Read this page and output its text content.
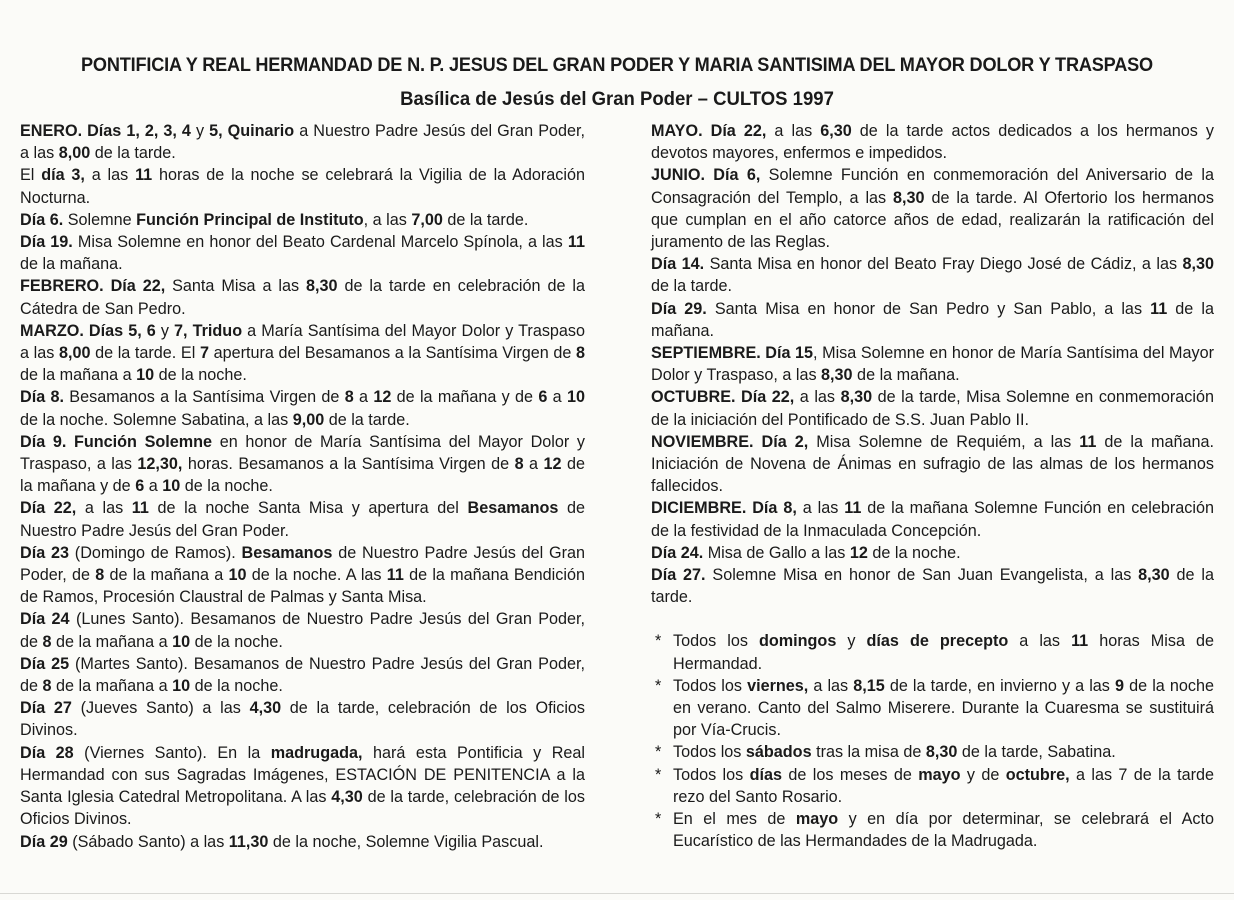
PONTIFICIA Y REAL HERMANDAD DE N. P. JESUS DEL GRAN PODER Y MARIA SANTISIMA DEL MAYOR DOLOR Y TRASPASO
Basílica de Jesús del Gran Poder – CULTOS 1997

ENERO. Días 1, 2, 3, 4 y 5, Quinario a Nuestro Padre Jesús del Gran Poder, a las 8,00 de la tarde.

El día 3, a las 11 horas de la noche se celebrará la Vigilia de la Adoración Nocturna.

Día 6. Solemne Función Principal de Instituto, a las 7,00 de la tarde.

Día 19. Misa Solemne en honor del Beato Cardenal Marcelo Spínola, a las 11 de la mañana.

FEBRERO. Día 22, Santa Misa a las 8,30 de la tarde en celebración de la Cátedra de San Pedro.

MARZO. Días 5, 6 y 7, Triduo a María Santísima del Mayor Dolor y Traspaso a las 8,00 de la tarde. El 7 apertura del Besamanos a la Santísima Virgen de 8 de la mañana a 10 de la noche.

Día 8. Besamanos a la Santísima Virgen de 8 a 12 de la mañana y de 6 a 10 de la noche. Solemne Sabatina, a las 9,00 de la tarde.

Día 9. Función Solemne en honor de María Santísima del Mayor Dolor y Traspaso, a las 12,30, horas. Besamanos a la Santísima Virgen de 8 a 12 de la mañana y de 6 a 10 de la noche.

Día 22, a las 11 de la noche Santa Misa y apertura del Besamanos de Nuestro Padre Jesús del Gran Poder.

Día 23 (Domingo de Ramos). Besamanos de Nuestro Padre Jesús del Gran Poder, de 8 de la mañana a 10 de la noche. A las 11 de la mañana Bendición de Ramos, Procesión Claustral de Palmas y Santa Misa.

Día 24 (Lunes Santo). Besamanos de Nuestro Padre Jesús del Gran Poder, de 8 de la mañana a 10 de la noche.

Día 25 (Martes Santo). Besamanos de Nuestro Padre Jesús del Gran Poder, de 8 de la mañana a 10 de la noche.

Día 27 (Jueves Santo) a las 4,30 de la tarde, celebración de los Oficios Divinos.

Día 28 (Viernes Santo). En la madrugada, hará esta Pontificia y Real Hermandad con sus Sagradas Imágenes, ESTACIÓN DE PENITENCIA a la Santa Iglesia Catedral Metropolitana. A las 4,30 de la tarde, celebración de los Oficios Divinos.

Día 29 (Sábado Santo) a las 11,30 de la noche, Solemne Vigilia Pascual.

MAYO. Día 22, a las 6,30 de la tarde actos dedicados a los hermanos y devotos mayores, enfermos e impedidos.

JUNIO. Día 6, Solemne Función en conmemoración del Aniversario de la Consagración del Templo, a las 8,30 de la tarde. Al Ofertorio los hermanos que cumplan en el año catorce años de edad, realizarán la ratificación del juramento de las Reglas.

Día 14. Santa Misa en honor del Beato Fray Diego José de Cádiz, a las 8,30 de la tarde.

Día 29. Santa Misa en honor de San Pedro y San Pablo, a las 11 de la mañana.

SEPTIEMBRE. Día 15, Misa Solemne en honor de María Santísima del Mayor Dolor y Traspaso, a las 8,30 de la mañana.

OCTUBRE. Día 22, a las 8,30 de la tarde, Misa Solemne en conmemoración de la iniciación del Pontificado de S.S. Juan Pablo II.

NOVIEMBRE. Día 2, Misa Solemne de Requiém, a las 11 de la mañana. Iniciación de Novena de Ánimas en sufragio de las almas de los hermanos fallecidos.

DICIEMBRE. Día 8, a las 11 de la mañana Solemne Función en celebración de la festividad de la Inmaculada Concepción.

Día 24. Misa de Gallo a las 12 de la noche.

Día 27. Solemne Misa en honor de San Juan Evangelista, a las 8,30 de la tarde.

* Todos los domingos y días de precepto a las 11 horas Misa de Hermandad.

* Todos los viernes, a las 8,15 de la tarde, en invierno y a las 9 de la noche en verano. Canto del Salmo Miserere. Durante la Cuaresma se sustituirá por Vía-Crucis.

* Todos los sábados tras la misa de 8,30 de la tarde, Sabatina.

* Todos los días de los meses de mayo y de octubre, a las 7 de la tarde rezo del Santo Rosario.

* En el mes de mayo y en día por determinar, se celebrará el Acto Eucarístico de las Hermandades de la Madrugada.
